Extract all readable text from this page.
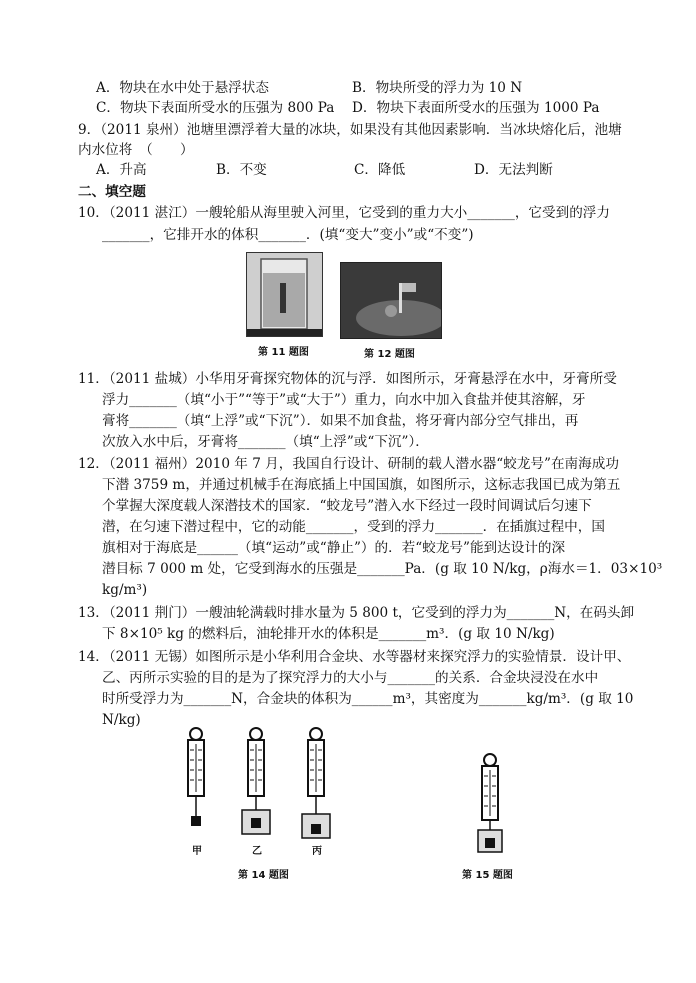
A．物块在水中处于悬浮状态	B．物块所受的浮力为 10 N
C．物块下表面所受水的压强为 800 Pa D．物块下表面所受水的压强为 1000 Pa
9．（2011 泉州）池塘里漂浮着大量的冰块，如果没有其他因素影响．当冰块熔化后，池塘
内水位将　（　　）
A．升高	B．不变	C．降低	D．无法判断
二、填空题
10．（2011 湛江）一艘轮船从海里驶入河里，它受到的重力大小_______，它受到的浮力
_______，它排开水的体积_______．(填“变大”变小”或“不变”)
第 11 题图	第 12 题图
11．（2011 盐城）小华用牙膏探究物体的沉与浮．如图所示，牙膏悬浮在水中，牙膏所受
浮力_______（填“小于”“等于”或“大于”）重力，向水中加入食盐并使其溶解，牙
膏将_______（填“上浮”或“下沉”）．如果不加食盐，将牙膏内部分空气排出，再
次放入水中后，牙膏将_______（填“上浮”或“下沉”）．
12．（2011 福州）2010 年 7 月，我国自行设计、研制的载人潜水器“蛟龙号”在南海成功
下潜 3759 m，并通过机械手在海底插上中国国旗，如图所示，这标志我国已成为第五
个掌握大深度载人深潜技术的国家．“蛟龙号”潜入水下经过一段时间调试后匀速下
潜，在匀速下潜过程中，它的动能_______，受到的浮力_______．在插旗过程中，国
旗相对于海底是______（填“运动”或“静止”）的．若“蛟龙号”能到达设计的深
潜目标 7 000 m 处，它受到海水的压强是_______Pa．(g 取 10 N/kg，ρ海水＝1．03×10³
kg/m³)
13．（2011 荆门）一艘油轮满载时排水量为 5 800 t，它受到的浮力为_______N，在码头卸
下 8×10⁵ kg 的燃料后，油轮排开水的体积是_______m³．(g 取 10 N/kg)
14．（2011 无锡）如图所示是小华利用合金块、水等器材来探究浮力的实验情景．设计甲、
乙、丙所示实验的目的是为了探究浮力的大小与_______的关系．合金块浸没在水中
时所受浮力为_______N，合金块的体积为______m³，其密度为_______kg/m³．(g 取 10
N/kg)
甲	乙	丙
第 14 题图	第 15 题图
